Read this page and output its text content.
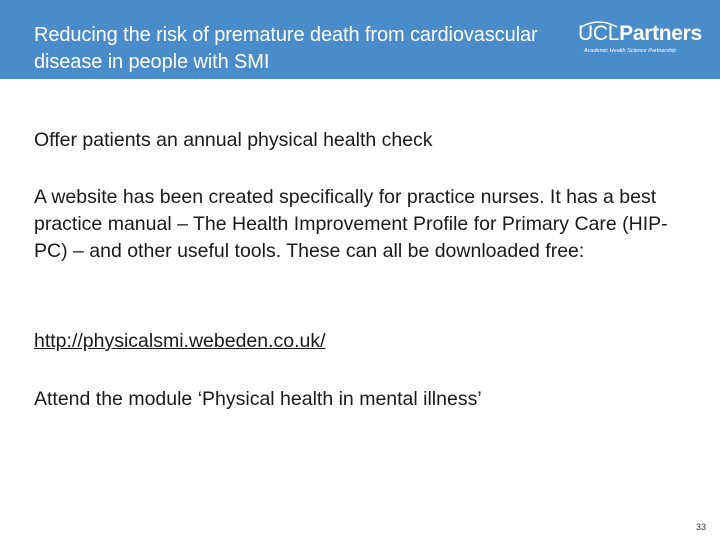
Reducing the risk of premature death from cardiovascular disease in people with SMI
UCLPartners
Academic Health Science Partnership
Offer patients an annual physical health check
A website has been created specifically for practice nurses. It has a best practice manual – The Health Improvement Profile for Primary Care (HIP-PC) – and other useful tools. These can all be downloaded free:
http://physicalsmi.webeden.co.uk/
Attend the module ‘Physical health in mental illness’
33
